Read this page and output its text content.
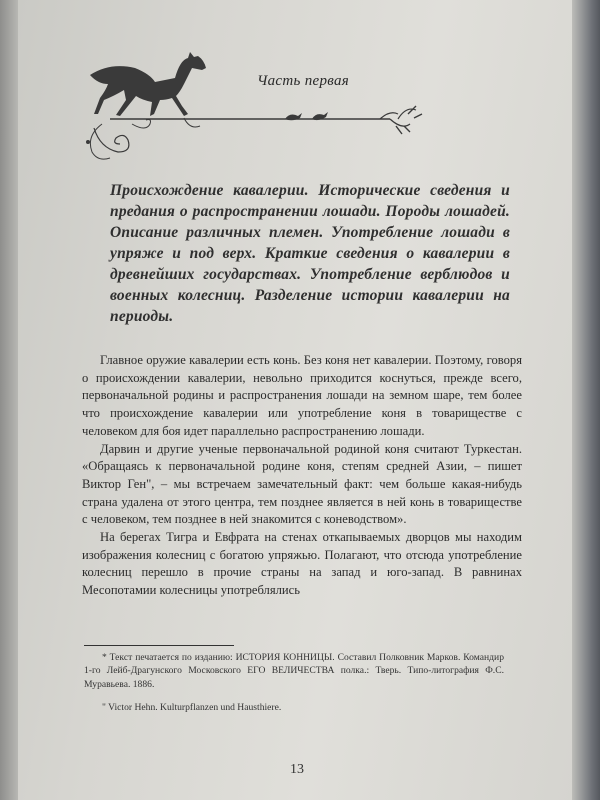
Часть первая
Происхождение кавалерии. Исторические сведения и предания о распространении лошади. Породы лошадей. Описание различных племен. Употребление лошади в упряже и под верх. Краткие сведения о кавалерии в древнейших государствах. Употребление верблюдов и военных колесниц. Разделение истории кавалерии на периоды.

Главное оружие кавалерии есть конь. Без коня нет кавалерии. Поэтому, говоря о происхождении кавалерии, невольно приходится коснуться, прежде всего, первоначальной родины и распространения лошади на земном шаре, тем более что происхождение кавалерии или употребление коня в товариществе с человеком для боя идет параллельно распространению лошади.

Дарвин и другие ученые первоначальной родиной коня считают Туркестан. «Обращаясь к первоначальной родине коня, степям средней Азии, – пишет Виктор Ген", – мы встречаем замечательный факт: чем больше какая-нибудь страна удалена от этого центра, тем позднее является в ней конь в товариществе с человеком, тем позднее в ней знакомится с коневодством».

На берегах Тигра и Евфрата на стенах откапываемых дворцов мы находим изображения колесниц с богатою упряжью. Полагают, что отсюда употребление колесниц перешло в прочие страны на запад и юго-запад. В равнинах Месопотамии колесницы употреблялись

* Текст печатается по изданию: ИСТОРИЯ КОННИЦЫ. Составил Полковник Марков. Командир 1-го Лейб-Драгунского Московского ЕГО ВЕЛИЧЕСТВА полка.: Тверь. Типо-литография Ф.С. Муравьева. 1886.

" Victor Hehn. Kulturpflanzen und Hausthiere.

13
